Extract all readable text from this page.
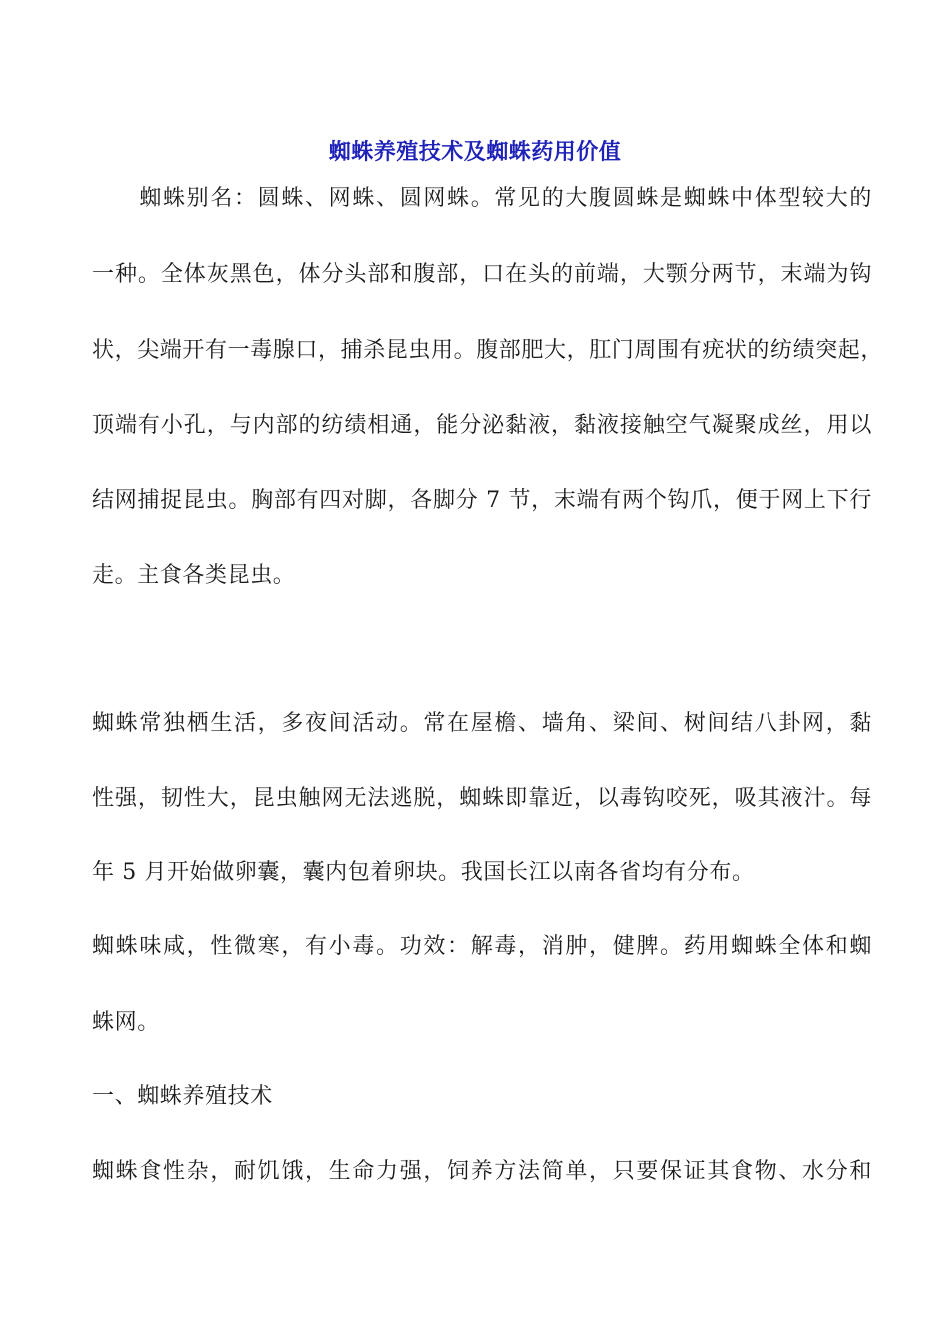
蜘蛛养殖技术及蜘蛛药用价值
　　蜘蛛别名：圆蛛、网蛛、圆网蛛。常见的大腹圆蛛是蜘蛛中体型较大的
一种。全体灰黑色，体分头部和腹部，口在头的前端，大颚分两节，末端为钩
状，尖端开有一毒腺口，捕杀昆虫用。腹部肥大，肛门周围有疣状的纺绩突起，
顶端有小孔，与内部的纺绩相通，能分泌黏液，黏液接触空气凝聚成丝，用以
结网捕捉昆虫。胸部有四对脚，各脚分 7 节，末端有两个钩爪，便于网上下行
走。主食各类昆虫。
蜘蛛常独栖生活，多夜间活动。常在屋檐、墙角、梁间、树间结八卦网，黏
性强，韧性大，昆虫触网无法逃脱，蜘蛛即靠近，以毒钩咬死，吸其液汁。每
年 5 月开始做卵囊，囊内包着卵块。我国长江以南各省均有分布。
蜘蛛味咸，性微寒，有小毒。功效：解毒，消肿，健脾。药用蜘蛛全体和蜘
蛛网。
一、蜘蛛养殖技术
蜘蛛食性杂，耐饥饿，生命力强，饲养方法简单，只要保证其食物、水分和
